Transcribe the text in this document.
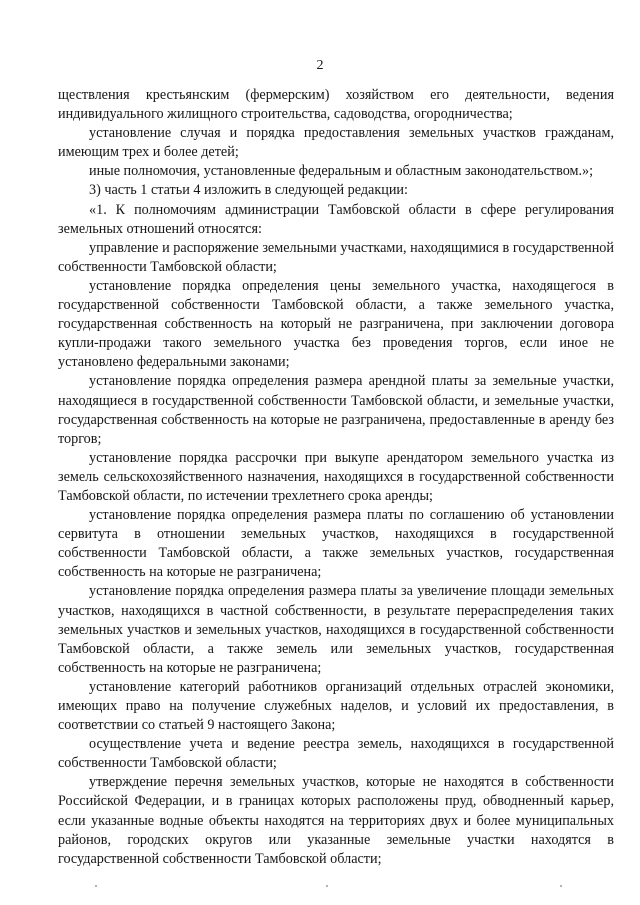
2

ществления крестьянским (фермерским) хозяйством его деятельности, ведения индивидуального жилищного строительства, садоводства, огородничества;

установление случая и порядка предоставления земельных участков гражданам, имеющим трех и более детей;

иные полномочия, установленные федеральным и областным законодательством.»;

3) часть 1 статьи 4 изложить в следующей редакции:

«1. К полномочиям администрации Тамбовской области в сфере регулирования земельных отношений относятся:

управление и распоряжение земельными участками, находящимися в государственной собственности Тамбовской области;

установление порядка определения цены земельного участка, находящегося в государственной собственности Тамбовской области, а также земельного участка, государственная собственность на который не разграничена, при заключении договора купли-продажи такого земельного участка без проведения торгов, если иное не установлено федеральными законами;

установление порядка определения размера арендной платы за земельные участки, находящиеся в государственной собственности Тамбовской области, и земельные участки, государственная собственность на которые не разграничена, предоставленные в аренду без торгов;

установление порядка рассрочки при выкупе арендатором земельного участка из земель сельскохозяйственного назначения, находящихся в государственной собственности Тамбовской области, по истечении трехлетнего срока аренды;

установление порядка определения размера платы по соглашению об установлении сервитута в отношении земельных участков, находящихся в государственной собственности Тамбовской области, а также земельных участков, государственная собственность на которые не разграничена;

установление порядка определения размера платы за увеличение площади земельных участков, находящихся в частной собственности, в результате перераспределения таких земельных участков и земельных участков, находящихся в государственной собственности Тамбовской области, а также земель или земельных участков, государственная собственность на которые не разграничена;

установление категорий работников организаций отдельных отраслей экономики, имеющих право на получение служебных наделов, и условий их предоставления, в соответствии со статьей 9 настоящего Закона;

осуществление учета и ведение реестра земель, находящихся в государственной собственности Тамбовской области;

утверждение перечня земельных участков, которые не находятся в собственности Российской Федерации, и в границах которых расположены пруд, обводненный карьер, если указанные водные объекты находятся на территориях двух и более муниципальных районов, городских округов или указанные земельные участки находятся в государственной собственности Тамбовской области;
